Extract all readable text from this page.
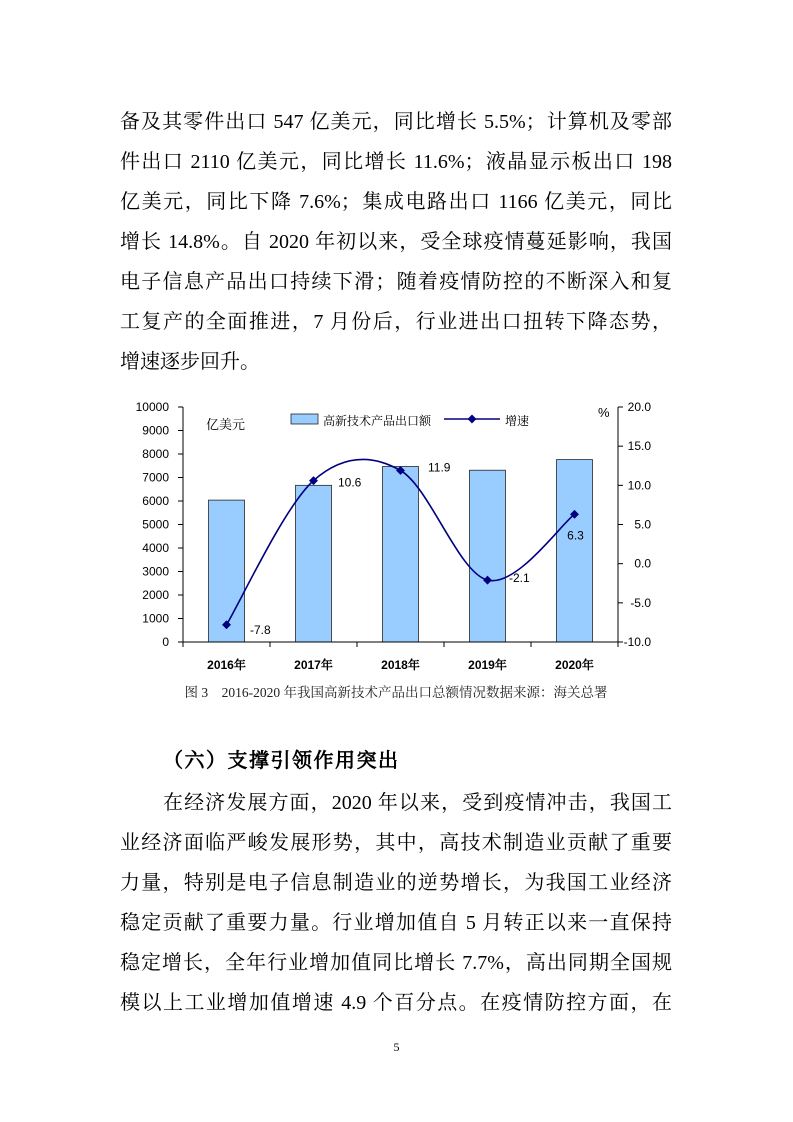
备及其零件出口 547 亿美元，同比增长 5.5%；计算机及零部
件出口 2110 亿美元，同比增长 11.6%；液晶显示板出口 198
亿美元，同比下降 7.6%；集成电路出口 1166 亿美元，同比
增长 14.8%。自 2020 年初以来，受全球疫情蔓延影响，我国
电子信息产品出口持续下滑；随着疫情防控的不断深入和复
工复产的全面推进，7 月份后，行业进出口扭转下降态势，
增速逐步回升。
0
1000
2000
3000
4000
5000
6000
7000
8000
9000
10000
-10.0
-5.0
0.0
5.0
10.0
15.0
20.0
2016年	2017年	2018年	2019年	2020年
-7.8
10.6
11.9
-2.1
6.3
亿美元
%
高新技术产品出口额	增速
图 3　2016-2020 年我国高新技术产品出口总额情况数据来源：海关总署
（六）支撑引领作用突出
在经济发展方面，2020 年以来，受到疫情冲击，我国工
业经济面临严峻发展形势，其中，高技术制造业贡献了重要
力量，特别是电子信息制造业的逆势增长，为我国工业经济
稳定贡献了重要力量。行业增加值自 5 月转正以来一直保持
稳定增长，全年行业增加值同比增长 7.7%，高出同期全国规
模以上工业增加值增速 4.9 个百分点。在疫情防控方面，在
5
